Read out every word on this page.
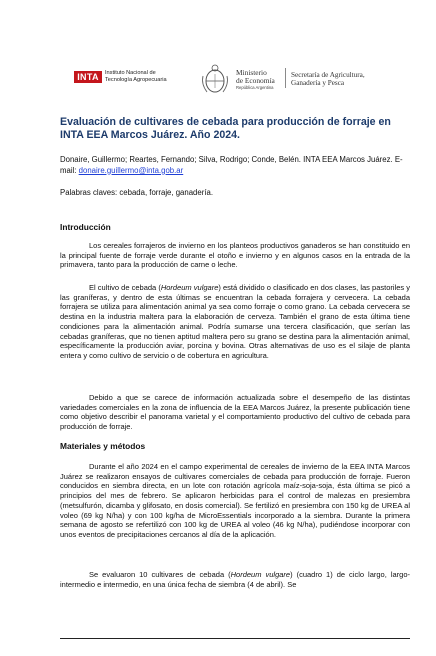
INTA	Instituto Nacional de
Tecnología Agropecuaria
Ministerio
de Economía
República Argentina
Secretaría de Agricultura,
Ganadería y Pesca
Evaluación de cultivares de cebada para producción de forraje en INTA EEA Marcos Juárez. Año 2024.

Donaire, Guillermo; Reartes, Fernando; Silva, Rodrigo; Conde, Belén. INTA EEA Marcos Juárez. E-mail: donaire.guillermo@inta.gob.ar

Palabras claves: cebada, forraje, ganadería.

Introducción

Los cereales forrajeros de invierno en los planteos productivos ganaderos se han constituido en la principal fuente de forraje verde durante el otoño e invierno y en algunos casos en la entrada de la primavera, tanto para la producción de carne o leche.

El cultivo de cebada (Hordeum vulgare) está dividido o clasificado en dos clases, las pastoriles y las graníferas, y dentro de esta últimas se encuentran la cebada forrajera y cervecera. La cebada forrajera se utiliza para alimentación animal ya sea como forraje o como grano. La cebada cervecera se destina en la industria maltera para la elaboración de cerveza. También el grano de esta última tiene condiciones para la alimentación animal. Podría sumarse una tercera clasificación, que serían las cebadas graníferas, que no tienen aptitud maltera pero su grano se destina para la alimentación animal, específicamente la producción aviar, porcina y bovina. Otras alternativas de uso es el silaje de planta entera y como cultivo de servicio o de cobertura en agricultura.

Debido a que se carece de información actualizada sobre el desempeño de las distintas variedades comerciales en la zona de influencia de la EEA Marcos Juárez, la presente publicación tiene como objetivo describir el panorama varietal y el comportamiento productivo del cultivo de cebada para producción de forraje.

Materiales y métodos

Durante el año 2024 en el campo experimental de cereales de invierno de la EEA INTA Marcos Juárez se realizaron ensayos de cultivares comerciales de cebada para producción de forraje. Fueron conducidos en siembra directa, en un lote con rotación agrícola maíz-soja-soja, ésta última se picó a principios del mes de febrero. Se aplicaron herbicidas para el control de malezas en presiembra (metsulfurón, dicamba y glifosato, en dosis comercial). Se fertilizó en presiembra con 150 kg de UREA al voleo (69 kg N/ha) y con 100 kg/ha de MicroEssentials incorporado a la siembra. Durante la primera semana de agosto se refertilizó con 100 kg de UREA al voleo (46 kg N/ha), pudiéndose incorporar con unos eventos de precipitaciones cercanos al día de la aplicación.

Se evaluaron 10 cultivares de cebada (Hordeum vulgare) (cuadro 1) de ciclo largo, largo-intermedio e intermedio, en una única fecha de siembra (4 de abril). Se
